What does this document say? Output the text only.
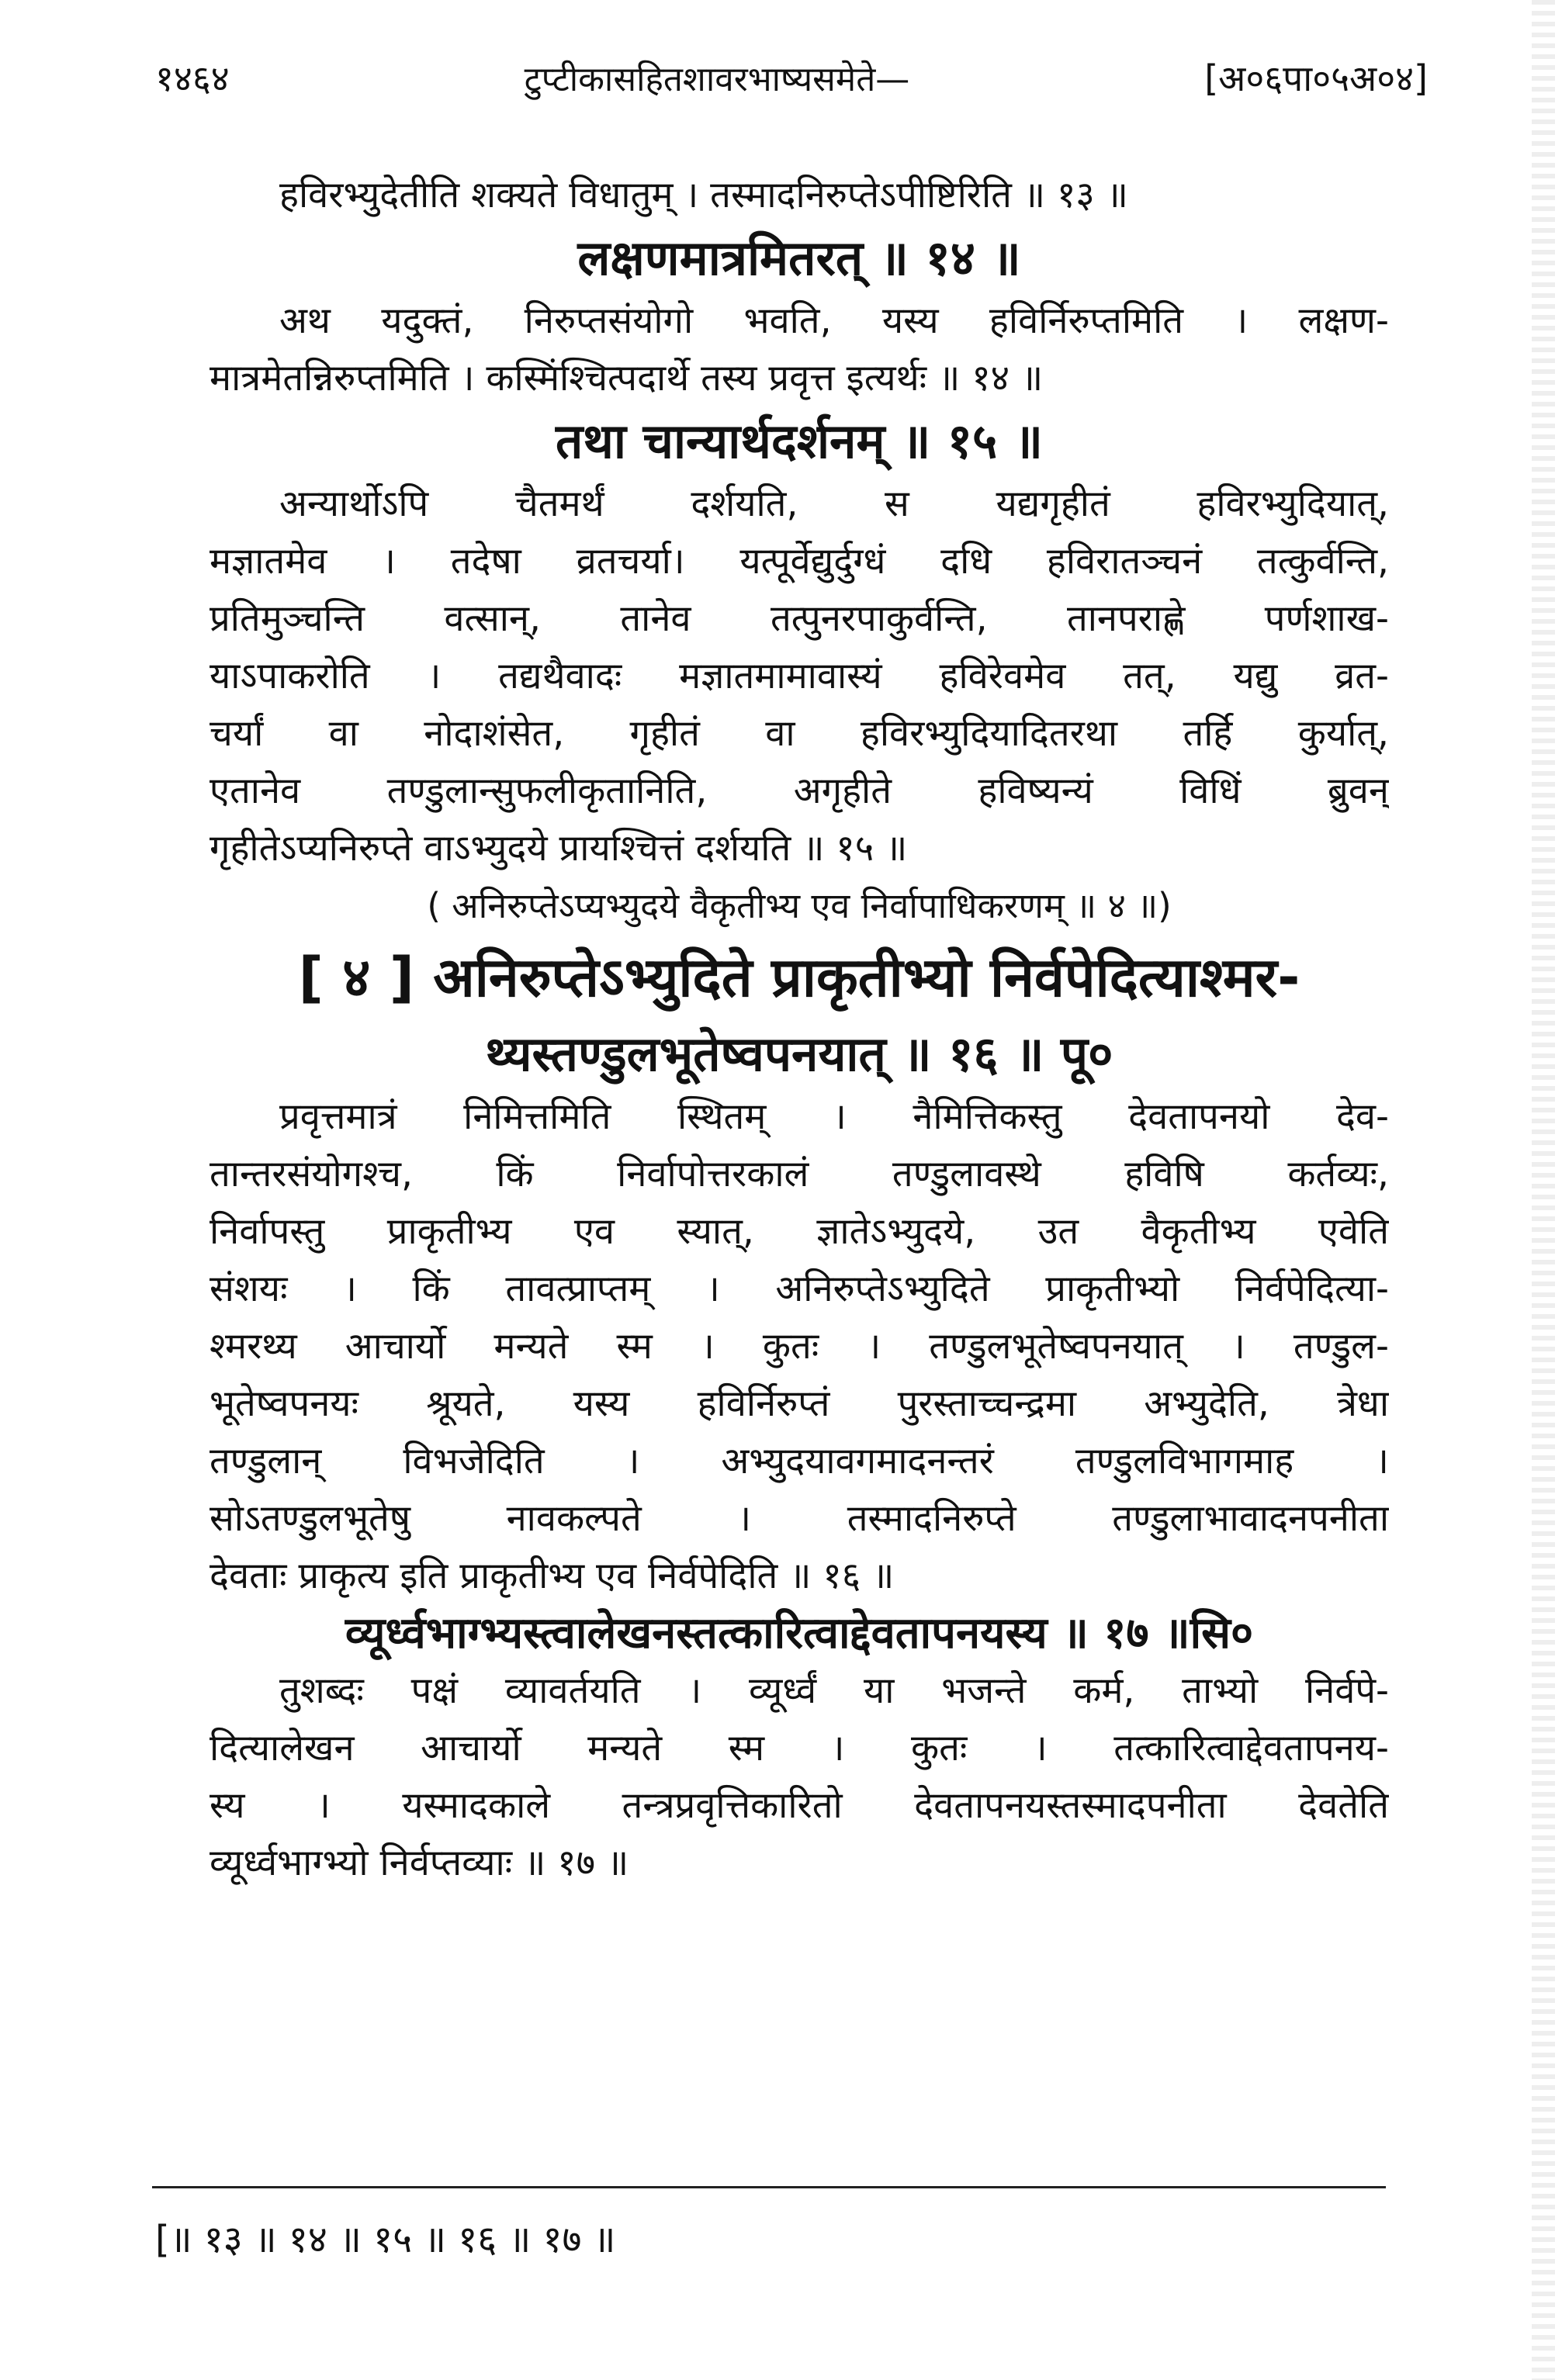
१४६४	टुप्टीकासहितशावरभाष्यसमेते—	[अ०६पा०५अ०४]
हविरभ्युदेतीति शक्यते विधातुम् । तस्मादनिरुप्तेऽपीष्टिरिति ॥ १३ ॥
लक्षणमात्रमितरत् ॥ १४ ॥
अथ यदुक्तं, निरुप्तसंयोगो भवति, यस्य हविर्निरुप्तमिति । लक्षण-
मात्रमेतन्निरुप्तमिति । कस्मिंश्चित्पदार्थे तस्य प्रवृत्त इत्यर्थः ॥ १४ ॥
तथा चान्यार्थदर्शनम् ॥ १५ ॥
अन्यार्थोऽपि चैतमर्थं दर्शयति, स यद्यगृहीतं हविरभ्युदियात्,
मज्ञातमेव । तदेषा व्रतचर्या। यत्पूर्वेद्युर्दुग्धं दधि हविरातञ्चनं तत्कुर्वन्ति,
प्रतिमुञ्चन्ति वत्सान्, तानेव तत्पुनरपाकुर्वन्ति, तानपराह्णे पर्णशाख-
याऽपाकरोति । तद्यथैवादः मज्ञातमामावास्यं हविरेवमेव तत्, यद्यु व्रत-
चर्यां वा नोदाशंसेत, गृहीतं वा हविरभ्युदियादितरथा तर्हि कुर्यात्,
एतानेव तण्डुलान्सुफलीकृतानिति, अगृहीते हविष्यन्यं विधिं ब्रुवन्
गृहीतेऽप्यनिरुप्ते वाऽभ्युदये प्रायश्चित्तं दर्शयति ॥ १५ ॥
( अनिरुप्तेऽप्यभ्युदये वैकृतीभ्य एव निर्वापाधिकरणम् ॥ ४ ॥)
[ ४ ] अनिरुप्तेऽभ्युदिते प्राकृतीभ्यो निर्वपेदित्याश्मर-
थ्यस्तण्डुलभूतेष्वपनयात् ॥ १६ ॥ पू०
प्रवृत्तमात्रं निमित्तमिति स्थितम् । नैमित्तिकस्तु देवतापनयो देव-
तान्तरसंयोगश्च, किं निर्वापोत्तरकालं तण्डुलावस्थे हविषि कर्तव्यः,
निर्वापस्तु प्राकृतीभ्य एव स्यात्, ज्ञातेऽभ्युदये, उत वैकृतीभ्य एवेति
संशयः । किं तावत्प्राप्तम् । अनिरुप्तेऽभ्युदिते प्राकृतीभ्यो निर्वपेदित्या-
श्मरथ्य आचार्यो मन्यते स्म । कुतः । तण्डुलभूतेष्वपनयात् । तण्डुल-
भूतेष्वपनयः श्रूयते, यस्य हविर्निरुप्तं पुरस्ताच्चन्द्रमा अभ्युदेति, त्रेधा
तण्डुलान् विभजेदिति । अभ्युदयावगमादनन्तरं तण्डुलविभागमाह ।
सोऽतण्डुलभूतेषु नावकल्पते । तस्मादनिरुप्ते तण्डुलाभावादनपनीता
देवताः प्राकृत्य इति प्राकृतीभ्य एव निर्वपेदिति ॥ १६ ॥
व्यूर्ध्वभाग्भ्यस्त्वालेखनस्तत्कारित्वाद्देवतापनयस्य ॥ १७ ॥सि०
तुशब्दः पक्षं व्यावर्तयति । व्यूर्ध्वं या भजन्ते कर्म, ताभ्यो निर्वपे-
दित्यालेखन आचार्यो मन्यते स्म । कुतः । तत्कारित्वाद्देवतापनय-
स्य । यस्मादकाले तन्त्रप्रवृत्तिकारितो देवतापनयस्तस्मादपनीता देवतेति
व्यूर्ध्वभाग्भ्यो निर्वप्तव्याः ॥ १७ ॥
[॥ १३ ॥ १४ ॥ १५ ॥ १६ ॥ १७ ॥
